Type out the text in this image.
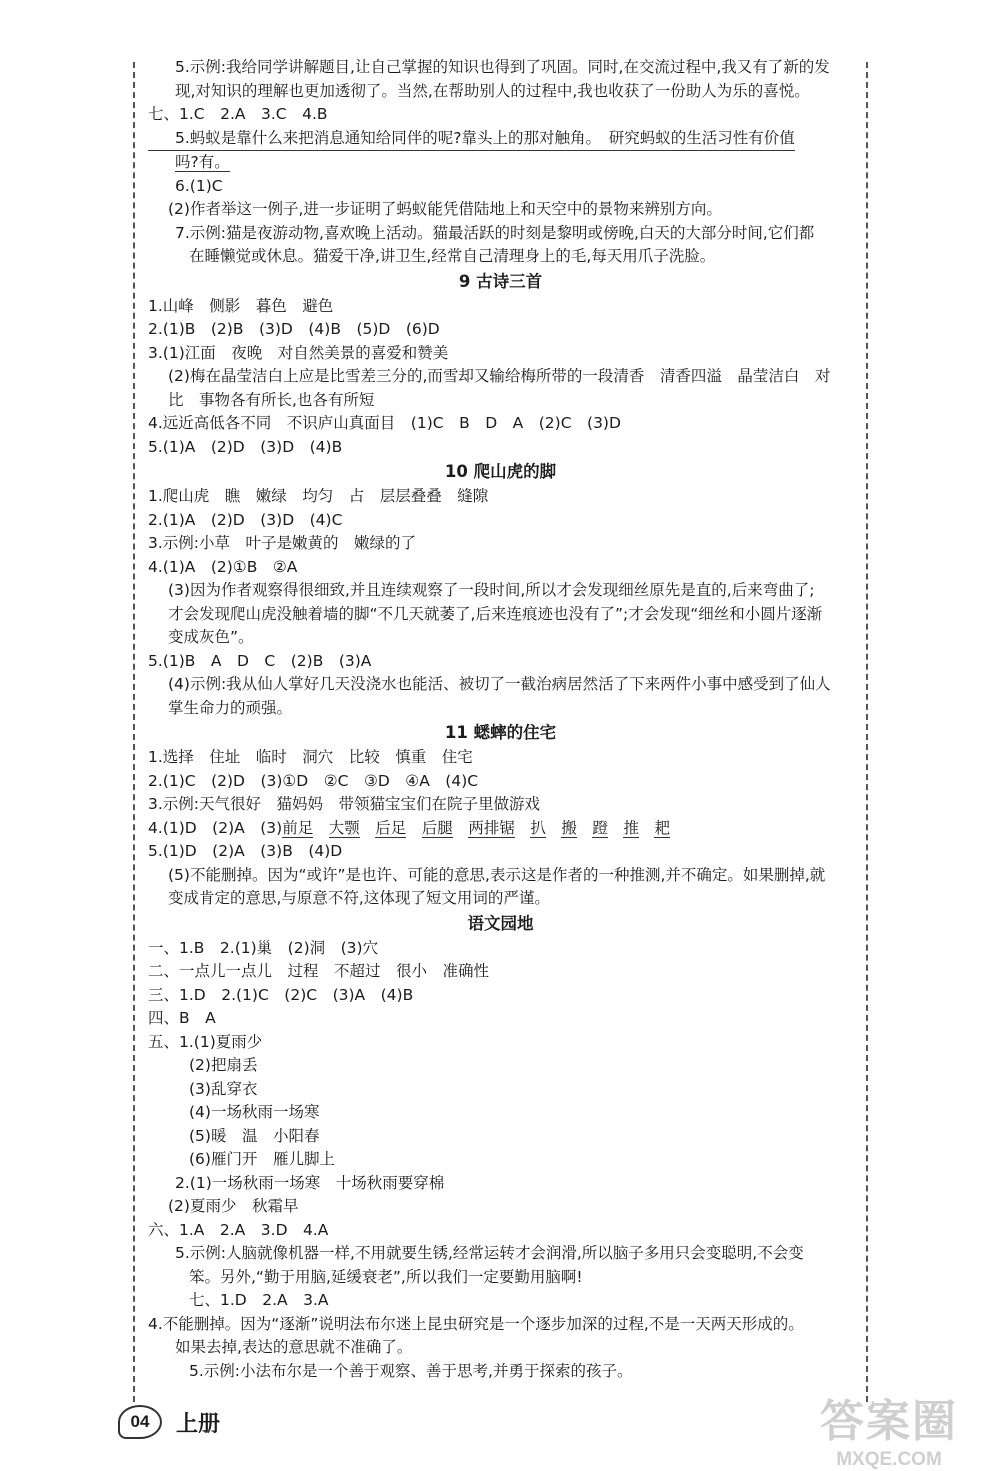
5.示例:我给同学讲解题目,让自己掌握的知识也得到了巩固。同时,在交流过程中,我又有了新的发
现,对知识的理解也更加透彻了。当然,在帮助别人的过程中,我也收获了一份助人为乐的喜悦。
七、1.C　2.A　3.C　4.B
5.蚂蚁是靠什么来把消息通知给同伴的呢?靠头上的那对触角。　研究蚂蚁的生活习性有价值
吗?有。
6.(1)C
(2)作者举这一例子,进一步证明了蚂蚁能凭借陆地上和天空中的景物来辨别方向。
7.示例:猫是夜游动物,喜欢晚上活动。猫最活跃的时刻是黎明或傍晚,白天的大部分时间,它们都
在睡懒觉或休息。猫爱干净,讲卫生,经常自己清理身上的毛,每天用爪子洗脸。
9 古诗三首
1.山峰　侧影　暮色　避色
2.(1)B　(2)B　(3)D　(4)B　(5)D　(6)D
3.(1)江面　夜晚　对自然美景的喜爱和赞美
(2)梅在晶莹洁白上应是比雪差三分的,而雪却又输给梅所带的一段清香　清香四溢　晶莹洁白　对
比　事物各有所长,也各有所短
4.远近高低各不同　不识庐山真面目　(1)C　B　D　A　(2)C　(3)D
5.(1)A　(2)D　(3)D　(4)B
10 爬山虎的脚
1.爬山虎　瞧　嫩绿　均匀　占　层层叠叠　缝隙
2.(1)A　(2)D　(3)D　(4)C
3.示例:小草　叶子是嫩黄的　嫩绿的了
4.(1)A　(2)①B　②A
(3)因为作者观察得很细致,并且连续观察了一段时间,所以才会发现细丝原先是直的,后来弯曲了;
才会发现爬山虎没触着墙的脚“不几天就萎了,后来连痕迹也没有了”;才会发现“细丝和小圆片逐渐
变成灰色”。
5.(1)B　A　D　C　(2)B　(3)A
(4)示例:我从仙人掌好几天没浇水也能活、被切了一截治病居然活了下来两件小事中感受到了仙人
掌生命力的顽强。
11 蟋蟀的住宅
1.选择　住址　临时　洞穴　比较　慎重　住宅
2.(1)C　(2)D　(3)①D　②C　③D　④A　(4)C
3.示例:天气很好　猫妈妈　带领猫宝宝们在院子里做游戏
4.(1)D　(2)A　(3)前足　 大颚　 后足　 后腿　 两排锯　 扒　 搬　 蹬　 推　 耙
5.(1)D　(2)A　(3)B　(4)D
(5)不能删掉。因为“或许”是也许、可能的意思,表示这是作者的一种推测,并不确定。如果删掉,就
变成肯定的意思,与原意不符,这体现了短文用词的严谨。
语文园地
一、1.B　2.(1)巢　(2)洞　(3)穴
二、一点儿一点儿　过程　不超过　很小　准确性
三、1.D　2.(1)C　(2)C　(3)A　(4)B
四、B　A
五、1.(1)夏雨少
(2)把扇丢
(3)乱穿衣
(4)一场秋雨一场寒
(5)暖　温　小阳春
(6)雁门开　雁儿脚上
2.(1)一场秋雨一场寒　十场秋雨要穿棉
(2)夏雨少　秋霜早
六、1.A　2.A　3.D　4.A
5.示例:人脑就像机器一样,不用就要生锈,经常运转才会润滑,所以脑子多用只会变聪明,不会变
笨。另外,“勤于用脑,延缓衰老”,所以我们一定要勤用脑啊!
七、1.D　2.A　3.A
4.不能删掉。因为“逐渐”说明法布尔迷上昆虫研究是一个逐步加深的过程,不是一天两天形成的。
如果去掉,表达的意思就不准确了。
5.示例:小法布尔是一个善于观察、善于思考,并勇于探索的孩子。
04	上册	答案圈
MXQE.COM
